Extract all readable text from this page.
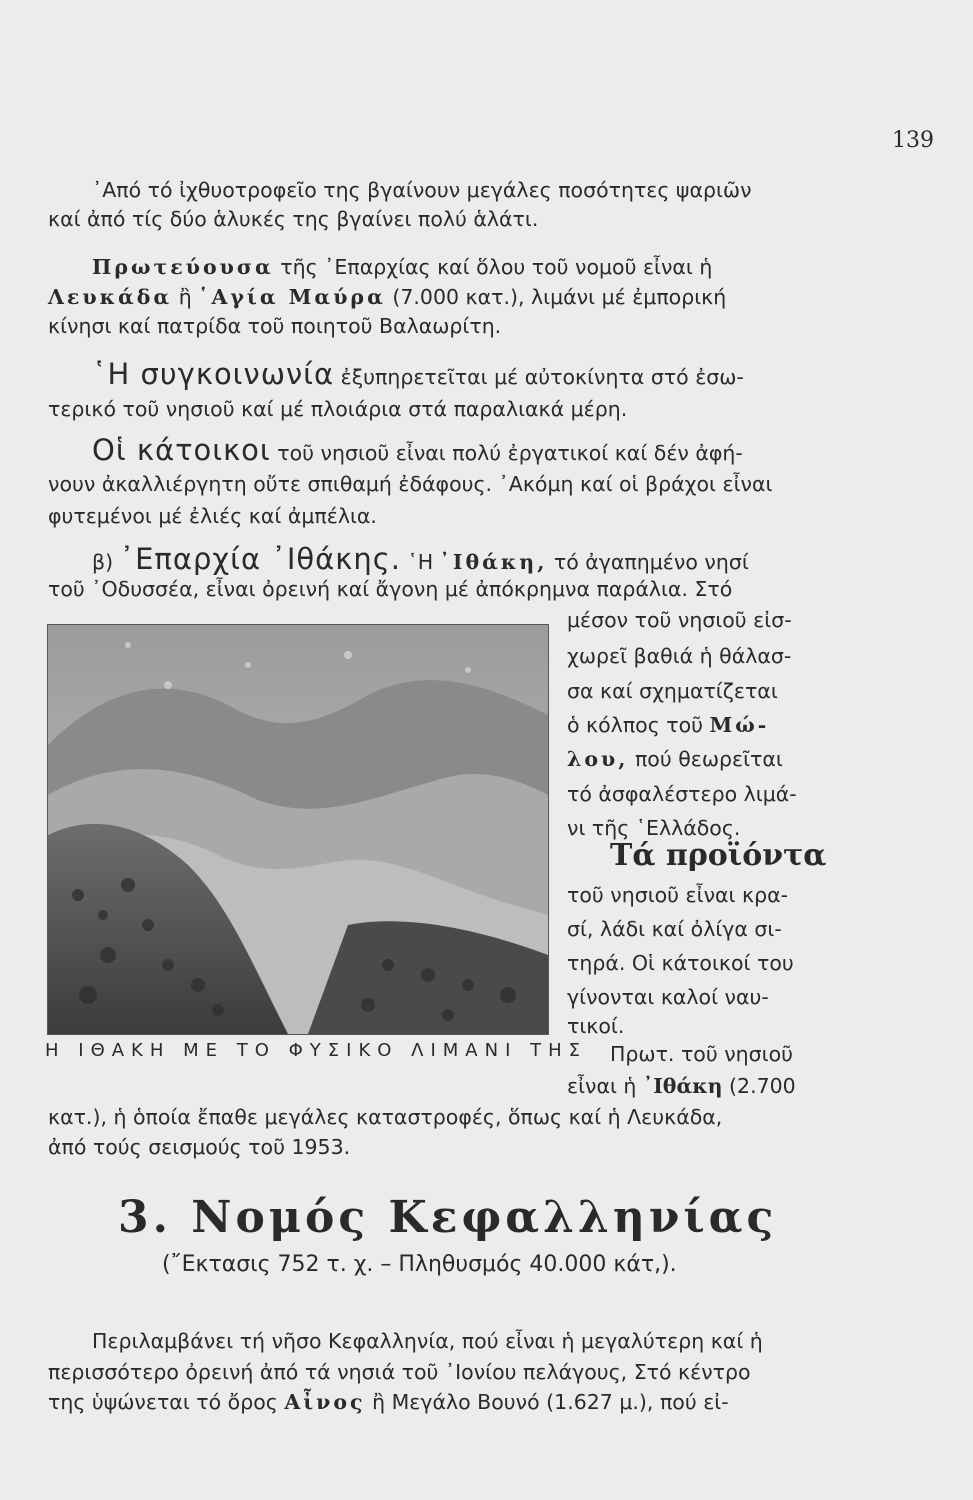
139
᾿Από τό ἰχθυοτροφεῖο της βγαίνουν μεγάλες ποσότητες ψαριῶν
καί ἀπό τίς δύο ἁλυκές της βγαίνει πολύ ἁλάτι.
Πρωτεύουσα τῆς ᾿Επαρχίας καί ὅλου τοῦ νομοῦ εἶναι ἡ
Λευκάδα ἢ ῾Αγία Μαύρα (7.000 κατ.), λιμάνι μέ ἐμπορική
κίνησι καί πατρίδα τοῦ ποιητοῦ Βαλαωρίτη.
῾Η συγκοινωνία ἐξυπηρετεῖται μέ αὐτοκίνητα στό ἐσω-
τερικό τοῦ νησιοῦ καί μέ πλοιάρια στά παραλιακά μέρη.
Οἱ κάτοικοι τοῦ νησιοῦ εἶναι πολύ ἐργατικοί καί δέν ἀφή-
νουν ἀκαλλιέργητη οὔτε σπιθαμή ἐδάφους. ᾿Ακόμη καί οἱ βράχοι εἶναι
φυτεμένοι μέ ἐλιές καί ἀμπέλια.
β) ᾿Επαρχία ᾿Ιθάκης. ῾Η ᾿Ιθάκη, τό ἀγαπημένο νησί
τοῦ ᾿Οδυσσέα, εἶναι ὀρεινή καί ἄγονη μέ ἀπόκρημνα παράλια. Στό
μέσον τοῦ νησιοῦ εἰσ-
χωρεῖ βαθιά ἡ θάλασ-
σα καί σχηματίζεται
ὁ κόλπος τοῦ Μώ-
λου, πού θεωρεῖται
τό ἀσφαλέστερο λιμά-
νι τῆς ῾Ελλάδος.
Τά προϊόντα
τοῦ νησιοῦ εἶναι κρα-
σί, λάδι καί ὀλίγα σι-
τηρά. Οἱ κάτοικοί του
γίνονται καλοί ναυ-
τικοί.
Πρωτ. τοῦ νησιοῦ
εἶναι ἡ ᾿Ιθάκη (2.700
Η ΙΘΑΚΗ ΜΕ ΤΟ ΦΥΣΙΚΟ ΛΙΜΑΝΙ ΤΗΣ
κατ.), ἡ ὁποία ἔπαθε μεγάλες καταστροφές, ὅπως καί ἡ Λευκάδα,
ἀπό τούς σεισμούς τοῦ 1953.
3. Νομός Κεφαλληνίας
(῎Εκτασις 752 τ. χ. – Πληθυσμός 40.000 κάτ,).
Περιλαμβάνει τή νῆσο Κεφαλληνία, πού εἶναι ἡ μεγαλύτερη καί ἡ
περισσότερο ὀρεινή ἀπό τά νησιά τοῦ ᾿Ιονίου πελάγους, Στό κέντρο
της ὑψώνεται τό ὄρος Αἶνος ἢ Μεγάλο Βουνό (1.627 μ.), πού εἰ-
